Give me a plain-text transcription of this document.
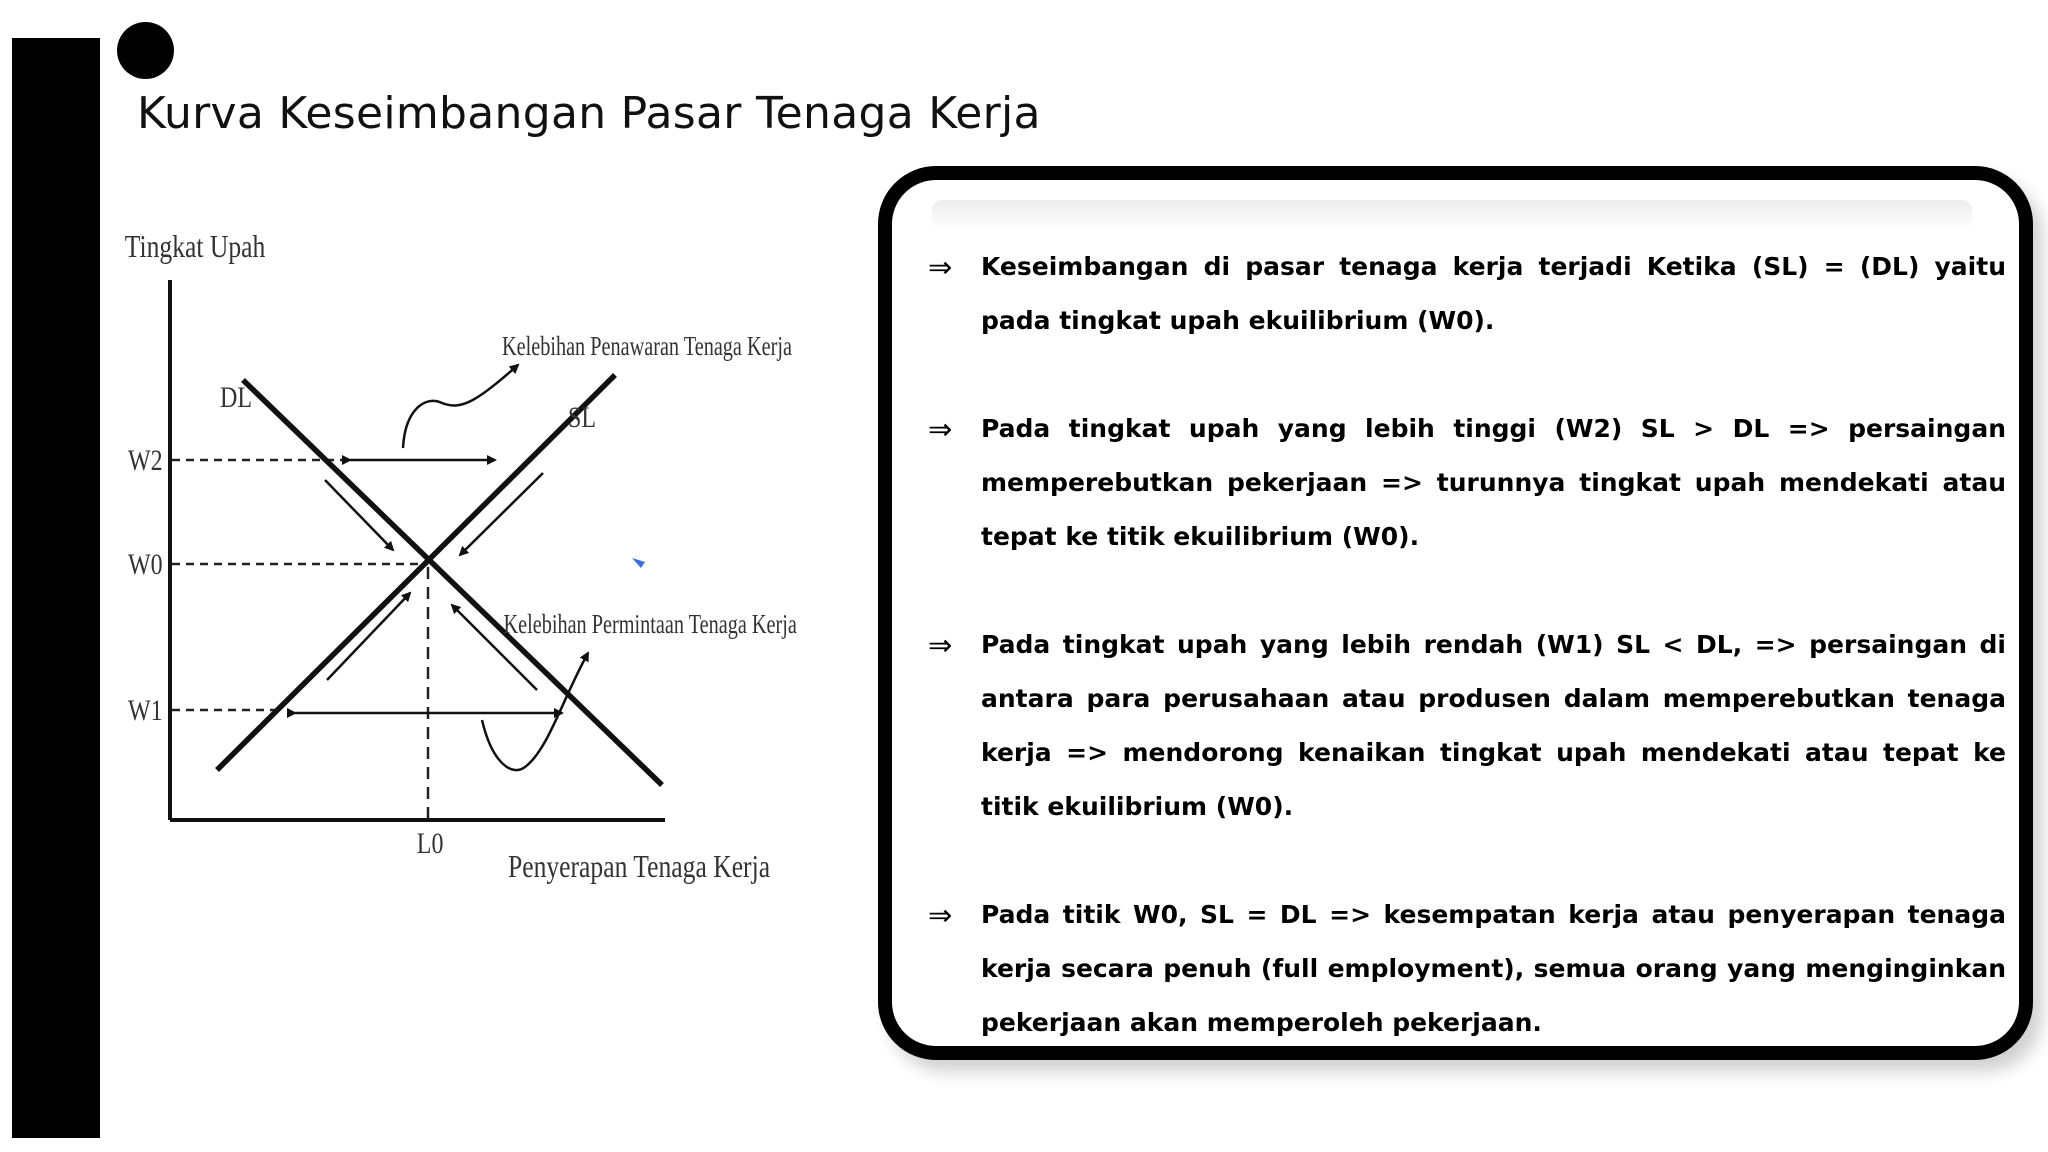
Kurva Keseimbangan Pasar Tenaga Kerja
Tingkat Upah
Penyerapan Tenaga Kerja
DL
SL
W2
W0
W1
L0
Kelebihan Penawaran Tenaga Kerja
Kelebihan Permintaan Tenaga Kerja
⇒ Keseimbangan di pasar tenaga kerja terjadi Ketika (SL) = (DL) yaitu pada tingkat upah ekuilibrium (W0).
⇒ Pada tingkat upah yang lebih tinggi (W2) SL > DL => persaingan memperebutkan pekerjaan => turunnya tingkat upah mendekati atau tepat ke titik ekuilibrium (W0).
⇒ Pada tingkat upah yang lebih rendah (W1) SL < DL, => persaingan di antara para perusahaan atau produsen dalam memperebutkan tenaga kerja => mendorong kenaikan tingkat upah mendekati atau tepat ke titik ekuilibrium (W0).
⇒ Pada titik W0, SL = DL => kesempatan kerja atau penyerapan tenaga kerja secara penuh (full employment), semua orang yang menginginkan pekerjaan akan memperoleh pekerjaan.
